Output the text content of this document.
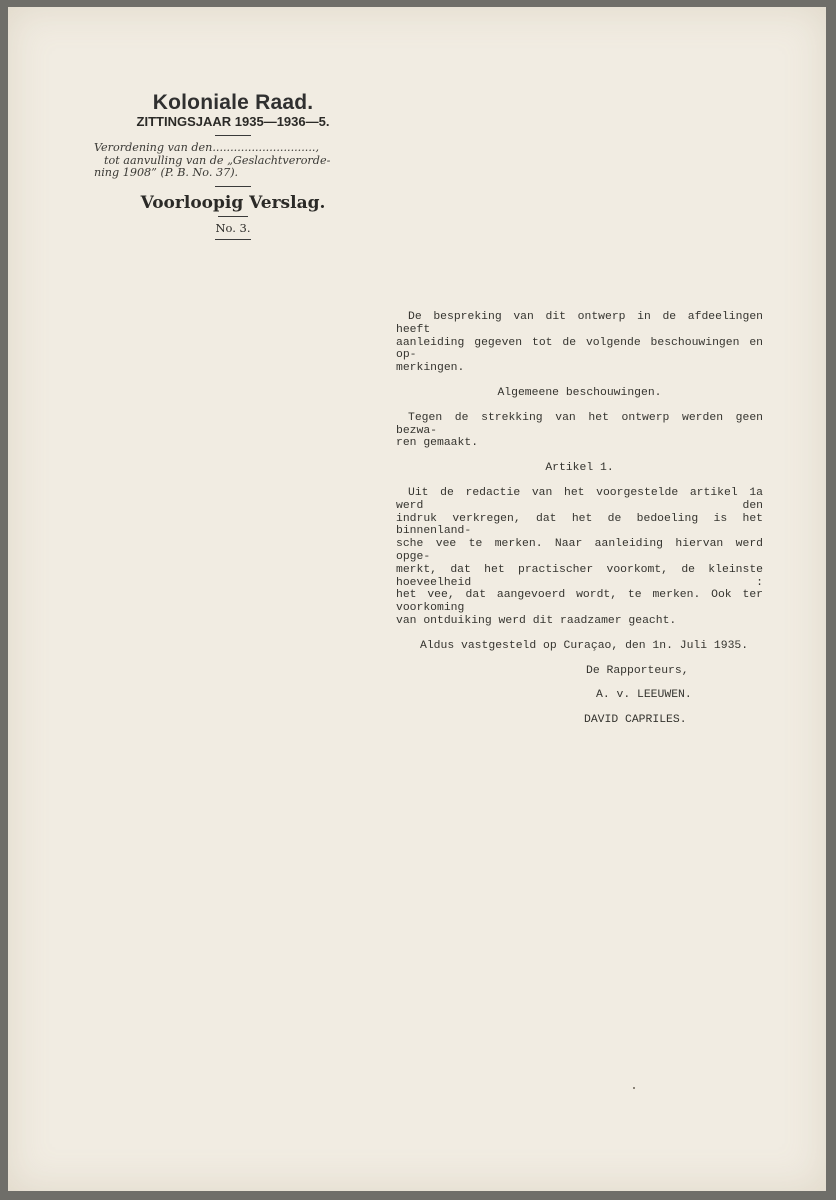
Koloniale Raad.
ZITTINGSJAAR 1935—1936—5.
Verordening van den.............................,
tot aanvulling van de „Geslachtverorde-
ning 1908” (P. B. No. 37).
Voorloopig Verslag.
No. 3.
De bespreking van dit ontwerp in de afdeelingen heeft
aanleiding gegeven tot de volgende beschouwingen en op-
merkingen.
Algemeene beschouwingen.
Tegen de strekking van het ontwerp werden geen bezwa-
ren gemaakt.
Artikel 1.
Uit de redactie van het voorgestelde artikel 1a werd den
indruk verkregen, dat het de bedoeling is het binnenland-
sche vee te merken. Naar aanleiding hiervan werd opge-
merkt, dat het practischer voorkomt, de kleinste hoeveelheid :
het vee, dat aangevoerd wordt, te merken. Ook ter voorkoming
van ontduiking werd dit raadzamer geacht.
Aldus vastgesteld op Curaçao, den 1n. Juli 1935.
De Rapporteurs,
A. v. LEEUWEN.
DAVID CAPRILES.
